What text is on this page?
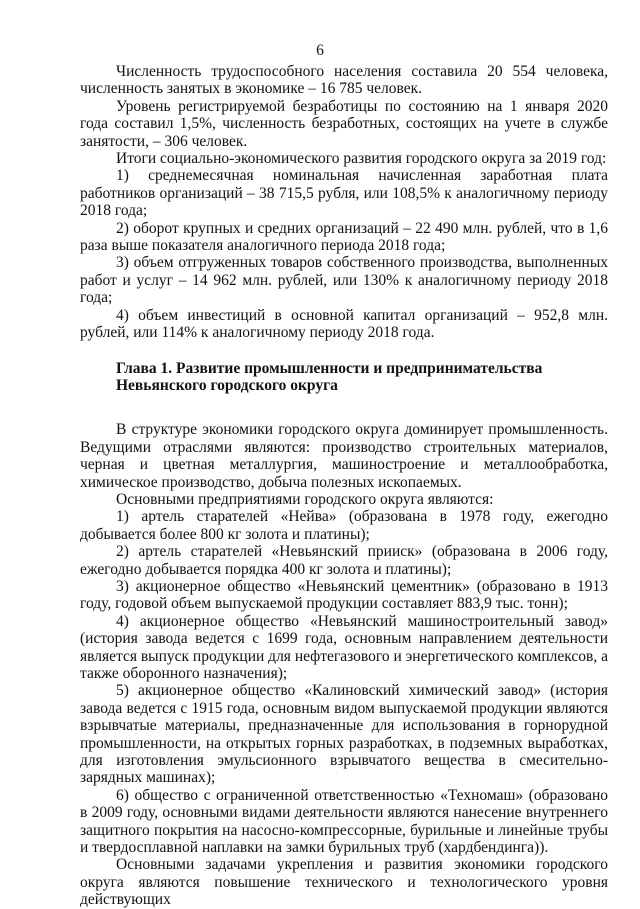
6

Численность трудоспособного населения составила 20 554 человека, численность занятых в экономике – 16 785 человек.

Уровень регистрируемой безработицы по состоянию на 1 января 2020 года составил 1,5%, численность безработных, состоящих на учете в службе занятости, – 306 человек.

Итоги социально-экономического развития городского округа за 2019 год:

1) среднемесячная номинальная начисленная заработная плата работников организаций – 38 715,5 рубля, или 108,5% к аналогичному периоду 2018 года;

2) оборот крупных и средних организаций – 22 490 млн. рублей, что в 1,6 раза выше показателя аналогичного периода 2018 года;

3) объем отгруженных товаров собственного производства, выполненных работ и услуг – 14 962 млн. рублей, или 130% к аналогичному периоду 2018 года;

4) объем инвестиций в основной капитал организаций – 952,8 млн. рублей, или 114% к аналогичному периоду 2018 года.

Глава 1. Развитие промышленности и предпринимательства

Невьянского городского округа

В структуре экономики городского округа доминирует промышленность. Ведущими отраслями являются: производство строительных материалов, черная и цветная металлургия, машиностроение и металлообработка, химическое производство, добыча полезных ископаемых.

Основными предприятиями городского округа являются:

1) артель старателей «Нейва» (образована в 1978 году, ежегодно добывается более 800 кг золота и платины);

2) артель старателей «Невьянский прииск» (образована в 2006 году, ежегодно добывается порядка 400 кг золота и платины);

3) акционерное общество «Невьянский цементник» (образовано в 1913 году, годовой объем выпускаемой продукции составляет 883,9 тыс. тонн);

4) акционерное общество «Невьянский машиностроительный завод» (история завода ведется с 1699 года, основным направлением деятельности является выпуск продукции для нефтегазового и энергетического комплексов, а также оборонного назначения);

5) акционерное общество «Калиновский химический завод» (история завода ведется с 1915 года, основным видом выпускаемой продукции являются взрывчатые материалы, предназначенные для использования в горнорудной промышленности, на открытых горных разработках, в подземных выработках, для изготовления эмульсионного взрывчатого вещества в смесительно-зарядных машинах);

6) общество с ограниченной ответственностью «Техномаш» (образовано в 2009 году, основными видами деятельности являются нанесение внутреннего защитного покрытия на насосно-компрессорные, бурильные и линейные трубы и твердосплавной наплавки на замки бурильных труб (хардбендинга)).

Основными задачами укрепления и развития экономики городского округа являются повышение технического и технологического уровня действующих
